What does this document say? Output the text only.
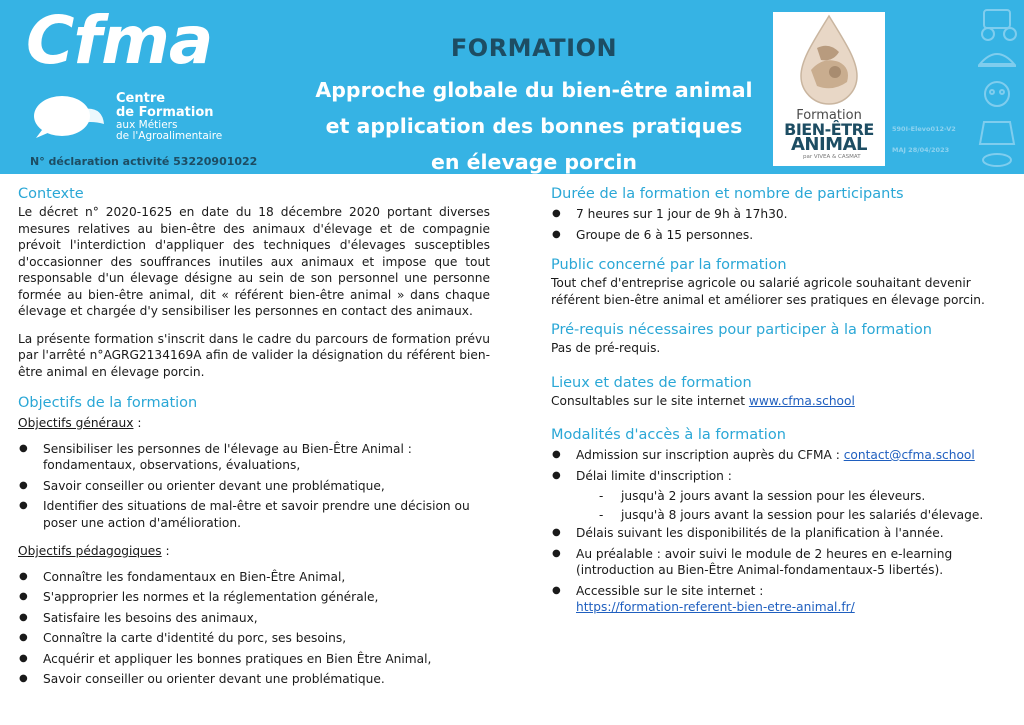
Cfma
Centre
de Formation
aux Métiers
de l'Agroalimentaire
N° déclaration activité 53220901022
FORMATION
Approche globale du bien-être animal
et application des bonnes pratiques
en élevage porcin
Formation
BIEN-ÊTRE
ANIMAL
par VIVEA & CASMAT
590I-Elevo012-V2
MAJ 28/04/2023
Contexte

Le décret n° 2020-1625 en date du 18 décembre 2020 portant diverses mesures relatives au bien-être des animaux d'élevage et de compagnie prévoit l'interdiction d'appliquer des techniques d'élevages susceptibles d'occasionner des souffrances inutiles aux animaux et impose que tout responsable d'un élevage désigne au sein de son personnel une personne formée au bien-être animal, dit « référent bien-être animal » dans chaque élevage et chargée d'y sensibiliser les personnes en contact des animaux.

La présente formation s'inscrit dans le cadre du parcours de formation prévu par l'arrêté n°AGRG2134169A afin de valider la désignation du référent bien-être animal en élevage porcin.

Objectifs de la formation

Objectifs généraux :

● Sensibiliser les personnes de l'élevage au Bien-Être Animal : fondamentaux, observations, évaluations,
● Savoir conseiller ou orienter devant une problématique,
● Identifier des situations de mal-être et savoir prendre une décision ou poser une action d'amélioration.

Objectifs pédagogiques :

● Connaître les fondamentaux en Bien-Être Animal,
● S'approprier les normes et la réglementation générale,
● Satisfaire les besoins des animaux,
● Connaître la carte d'identité du porc, ses besoins,
● Acquérir et appliquer les bonnes pratiques en Bien Être Animal,
● Savoir conseiller ou orienter devant une problématique.
Durée de la formation et nombre de participants
● 7 heures sur 1 jour de 9h à 17h30.
● Groupe de 6 à 15 personnes.
Public concerné par la formation

Tout chef d'entreprise agricole ou salarié agricole souhaitant devenir référent bien-être animal et améliorer ses pratiques en élevage porcin.

Pré-requis nécessaires pour participer à la formation

Pas de pré-requis.

Lieux et dates de formation

Consultables sur le site internet www.cfma.school

Modalités d'accès à la formation
● Admission sur inscription auprès du CFMA : contact@cfma.school
● Délai limite d'inscription :
- jusqu'à 2 jours avant la session pour les éleveurs.
- jusqu'à 8 jours avant la session pour les salariés d'élevage.
● Délais suivant les disponibilités de la planification à l'année.
● Au préalable : avoir suivi le module de 2 heures en e-learning (introduction au Bien-Être Animal-fondamentaux-5 libertés).
● Accessible sur le site internet :
https://formation-referent-bien-etre-animal.fr/
